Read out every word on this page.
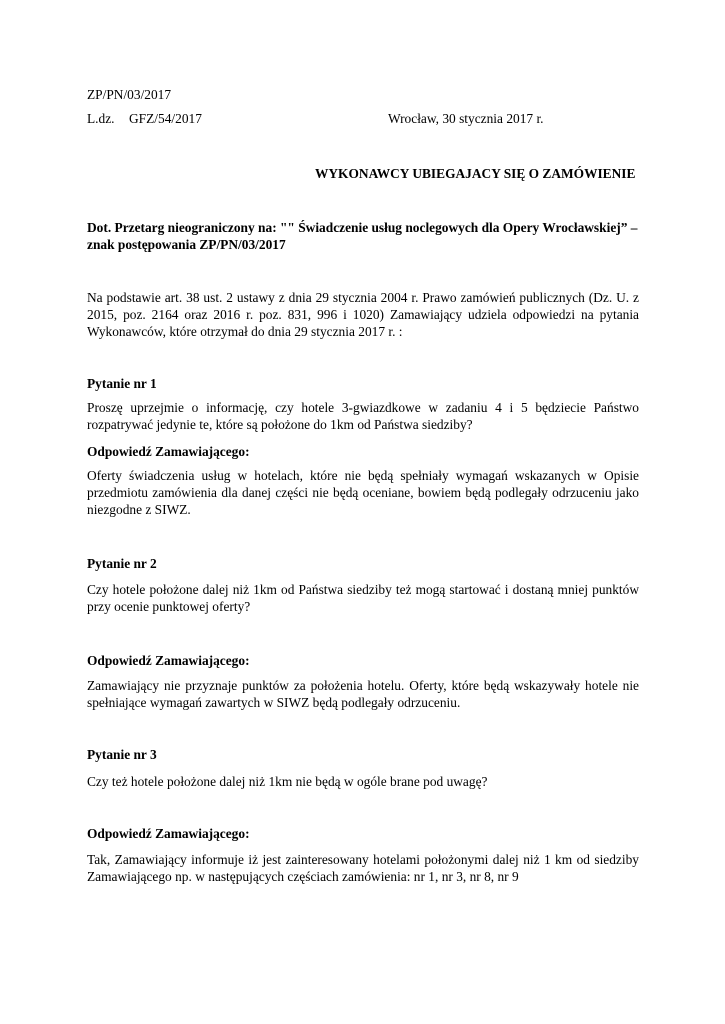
ZP/PN/03/2017
L.dz. GFZ/54/2017	Wrocław, 30 stycznia 2017 r.
WYKONAWCY UBIEGAJACY SIĘ O ZAMÓWIENIE
Dot. Przetarg nieograniczony na: "" Świadczenie usług noclegowych dla Opery Wrocławskiej” –
znak postępowania ZP/PN/03/2017
Na podstawie art. 38 ust. 2 ustawy z dnia 29 stycznia 2004 r. Prawo zamówień publicznych (Dz. U. z 2015, poz. 2164 oraz 2016 r. poz. 831, 996 i 1020) Zamawiający udziela odpowiedzi na pytania Wykonawców, które otrzymał do dnia 29 stycznia 2017 r. :
Pytanie nr 1
Proszę uprzejmie o informację, czy hotele 3-gwiazdkowe w zadaniu 4 i 5 będziecie Państwo rozpatrywać jedynie te, które są położone do 1km od Państwa siedziby?
Odpowiedź Zamawiającego:
Oferty świadczenia usług w hotelach, które nie będą spełniały wymagań wskazanych w Opisie przedmiotu zamówienia dla danej części nie będą oceniane, bowiem będą podlegały odrzuceniu jako niezgodne z SIWZ.
Pytanie nr 2
Czy hotele położone dalej niż 1km od Państwa siedziby też mogą startować i dostaną mniej punktów przy ocenie punktowej oferty?
Odpowiedź Zamawiającego:
Zamawiający nie przyznaje punktów za położenia hotelu. Oferty, które będą wskazywały hotele nie spełniające wymagań zawartych w SIWZ będą podlegały odrzuceniu.
Pytanie nr 3
Czy też hotele położone dalej niż 1km nie będą w ogóle brane pod uwagę?
Odpowiedź Zamawiającego:
Tak, Zamawiający informuje iż jest zainteresowany hotelami położonymi dalej niż 1 km od siedziby Zamawiającego np. w następujących częściach zamówienia: nr 1, nr 3, nr 8, nr 9
